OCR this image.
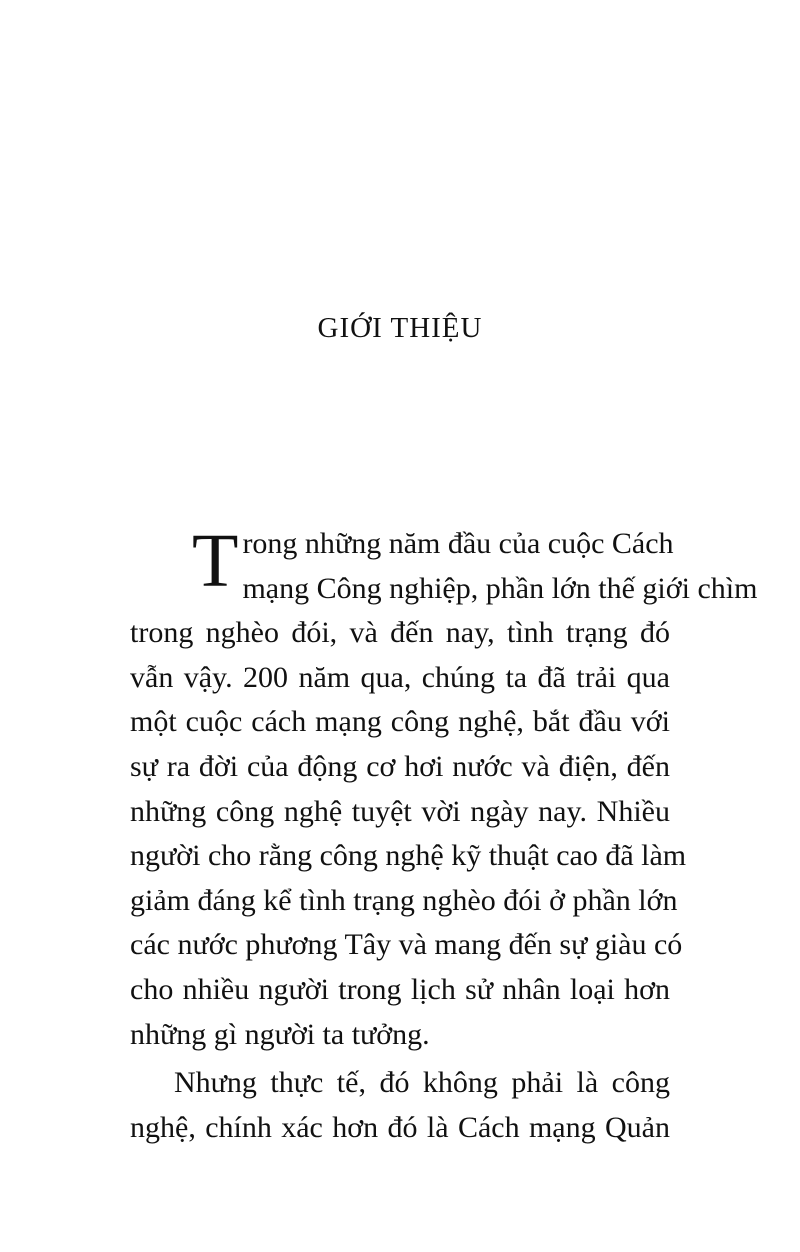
GIỚI THIỆU
T rong những năm đầu của cuộc Cách
mạng Công nghiệp, phần lớn thế giới chìm
trong nghèo đói, và đến nay, tình trạng đó
vẫn vậy. 200 năm qua, chúng ta đã trải qua
một cuộc cách mạng công nghệ, bắt đầu với
sự ra đời của động cơ hơi nước và điện, đến
những công nghệ tuyệt vời ngày nay. Nhiều
người cho rằng công nghệ kỹ thuật cao đã làm
giảm đáng kể tình trạng nghèo đói ở phần lớn
các nước phương Tây và mang đến sự giàu có
cho nhiều người trong lịch sử nhân loại hơn
những gì người ta tưởng.
Nhưng thực tế, đó không phải là công
nghệ, chính xác hơn đó là Cách mạng Quản
